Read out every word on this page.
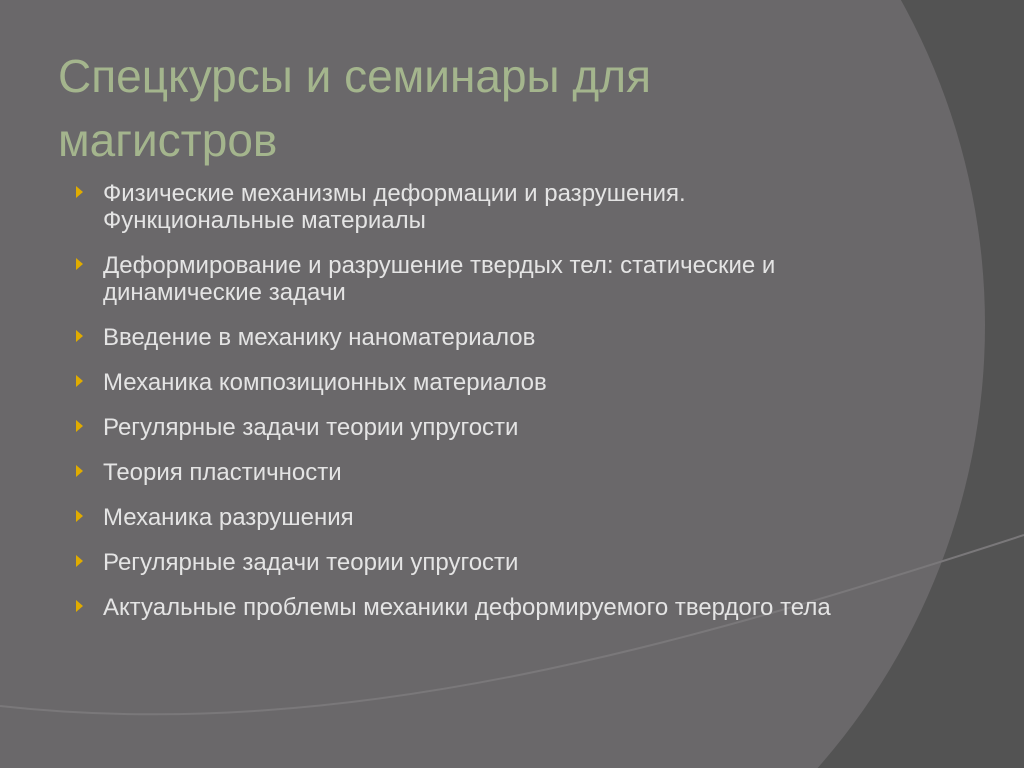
Спецкурсы и семинары для магистров
Физические механизмы деформации и разрушения. Функциональные материалы
Деформирование и разрушение твердых тел: статические и динамические задачи
Введение в механику наноматериалов
Механика композиционных материалов
Регулярные задачи теории упругости
Теория пластичности
Механика разрушения
Регулярные задачи теории упругости
Актуальные проблемы механики деформируемого твердого тела
